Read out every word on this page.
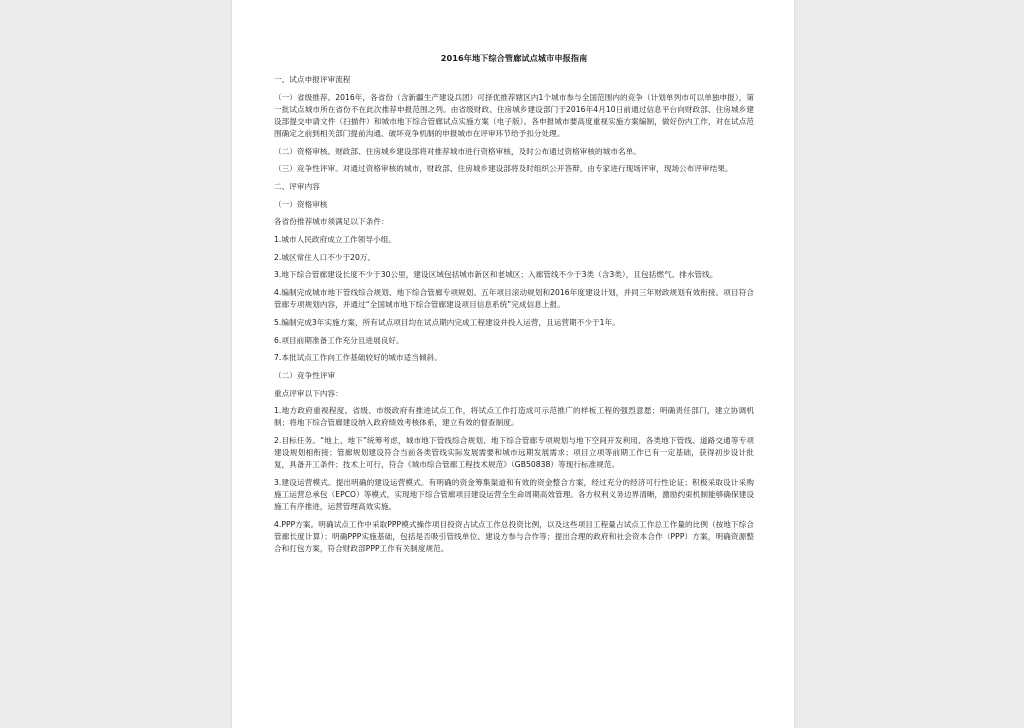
2016年地下综合管廊试点城市申报指南
一、试点申报评审流程
（一）省级推荐。2016年，各省份（含新疆生产建设兵团）可择优推荐辖区内1个城市参与全国范围内的竞争（计划单列市可以单独申报），第一批试点城市所在省份不在此次推荐申报范围之列。由省级财政、住房城乡建设部门于2016年4月10日前通过信息平台向财政部、住房城乡建设部提交申请文件（扫描件）和城市地下综合管廊试点实施方案（电子版）。各申报城市要高度重视实施方案编制，做好份内工作，对在试点范围确定之前到相关部门提前沟通、破坏竞争机制的申报城市在评审环节给予扣分处理。
（二）资格审核。财政部、住房城乡建设部将对推荐城市进行资格审核，及时公布通过资格审核的城市名单。
（三）竞争性评审。对通过资格审核的城市，财政部、住房城乡建设部将及时组织公开答辩，由专家进行现场评审，现场公布评审结果。
二、评审内容
（一）资格审核
各省份推荐城市须满足以下条件：
1.城市人民政府成立工作领导小组。
2.城区常住人口不少于20万。
3.地下综合管廊建设长度不少于30公里，建设区域包括城市新区和老城区；入廊管线不少于3类（含3类），且包括燃气、排水管线。
4.编制完成城市地下管线综合规划、地下综合管廊专项规划、五年项目滚动规划和2016年度建设计划，并同三年财政规划有效衔接。项目符合管廊专项规划内容，并通过“全国城市地下综合管廊建设项目信息系统”完成信息上报。
5.编制完成3年实施方案，所有试点项目均在试点期内完成工程建设并投入运营，且运营期不少于1年。
6.项目前期准备工作充分且进展良好。
7.本批试点工作向工作基础较好的城市适当倾斜。
（二）竞争性评审
重点评审以下内容：
1.地方政府重视程度。省级、市级政府有推进试点工作，将试点工作打造成可示范推广的样板工程的强烈意愿；明确责任部门，建立协调机制；将地下综合管廊建设纳入政府绩效考核体系，建立有效的督查制度。
2.目标任务。“地上、地下”统筹考虑，城市地下管线综合规划、地下综合管廊专项规划与地下空间开发利用、各类地下管线、道路交通等专项建设规划相衔接；管廊规划建设符合当前各类管线实际发展需要和城市远期发展需求；项目立项等前期工作已有一定基础，获得初步设计批复，具备开工条件；技术上可行，符合《城市综合管廊工程技术规范》（GB50838）等现行标准规范。
3.建设运营模式。提出明确的建设运营模式。有明确的资金筹集渠道和有效的资金整合方案，经过充分的经济可行性论证；积极采取设计采购施工运营总承包（EPCO）等模式，实现地下综合管廊项目建设运营全生命周期高效管理。各方权利义务边界清晰，激励约束机制能够确保建设施工有序推进，运营管理高效实施。
4.PPP方案。明确试点工作中采取PPP模式操作项目投资占试点工作总投资比例，以及这些项目工程量占试点工作总工作量的比例（按地下综合管廊长度计算）；明确PPP实施基础，包括是否吸引管线单位、建设方参与合作等；提出合理的政府和社会资本合作（PPP）方案，明确资源整合和打包方案，符合财政部PPP工作有关制度规范。
